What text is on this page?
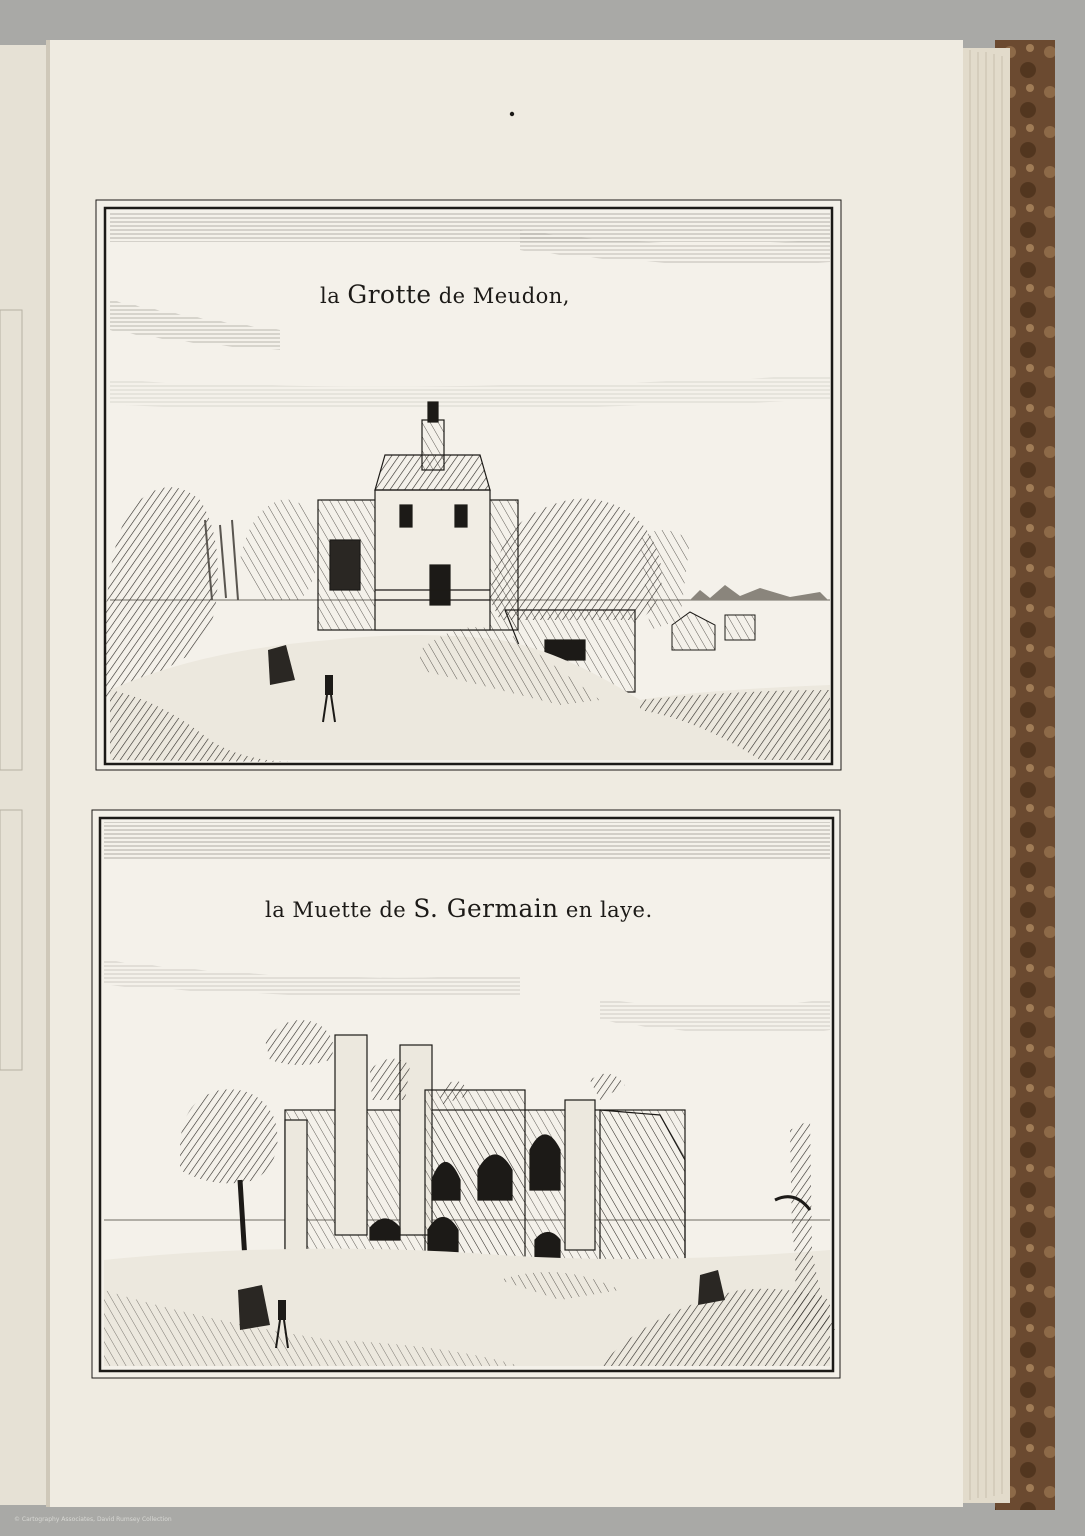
la Grotte de Meudon,
la Muette de S. Germain en laye.
© Cartography Associates, David Rumsey Collection
